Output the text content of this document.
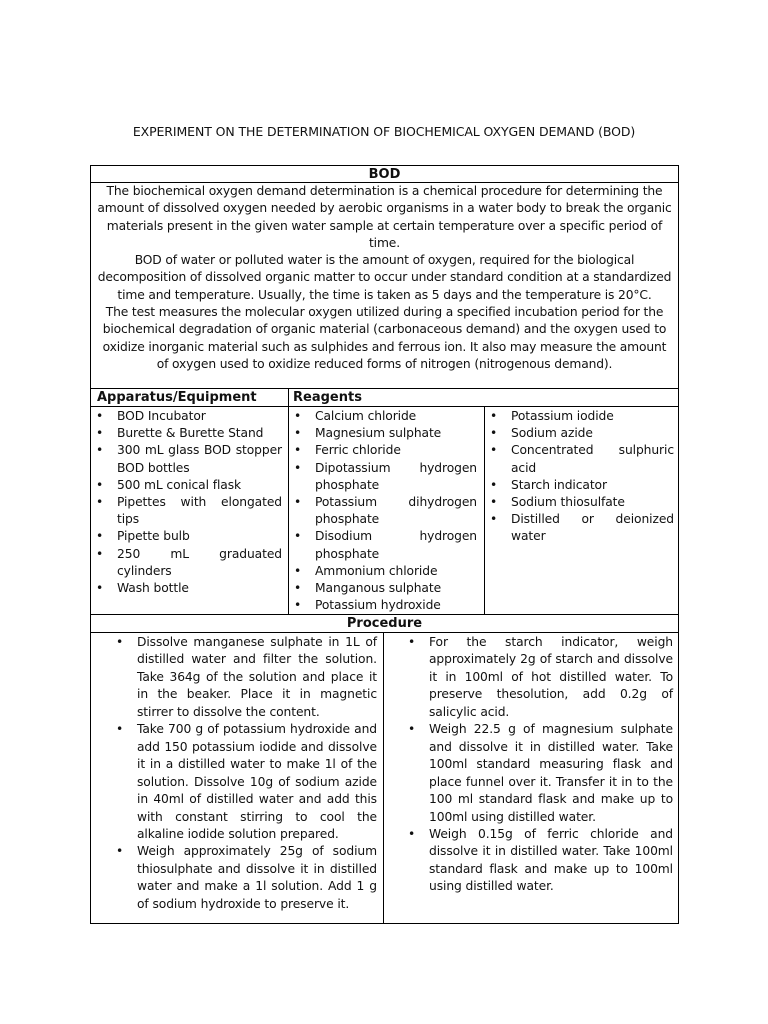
EXPERIMENT ON THE DETERMINATION OF BIOCHEMICAL OXYGEN DEMAND (BOD)
BOD

The biochemical oxygen demand determination is a chemical procedure for determining the amount of dissolved oxygen needed by aerobic organisms in a water body to break the organic materials present in the given water sample at certain temperature over a specific period of time.

BOD of water or polluted water is the amount of oxygen, required for the biological decomposition of dissolved organic matter to occur under standard condition at a standardized time and temperature. Usually, the time is taken as 5 days and the temperature is 20°C.

The test measures the molecular oxygen utilized during a specified incubation period for the biochemical degradation of organic material (carbonaceous demand) and the oxygen used to oxidize inorganic material such as sulphides and ferrous ion. It also may measure the amount of oxygen used to oxidize reduced forms of nitrogen (nitrogenous demand).

Apparatus/Equipment	Reagents
• BOD Incubator
• Burette & Burette Stand
• 300 mL glass BOD stopper BOD bottles
• 500 mL conical flask
• Pipettes with elongated tips
• Pipette bulb
• 250 mL graduated cylinders
• Wash bottle
• Calcium chloride
• Magnesium sulphate
• Ferric chloride
• Dipotassium hydrogen phosphate
• Potassium dihydrogen phosphate
• Disodium hydrogen phosphate
• Ammonium chloride
• Manganous sulphate
• Potassium hydroxide
• Potassium iodide
• Sodium azide
• Concentrated sulphuric acid
• Starch indicator
• Sodium thiosulfate
• Distilled or deionized water
Procedure
• Dissolve manganese sulphate in 1L of distilled water and filter the solution. Take 364g of the solution and place it in the beaker. Place it in magnetic stirrer to dissolve the content.
• Take 700 g of potassium hydroxide and add 150 potassium iodide and dissolve it in a distilled water to make 1l of the solution. Dissolve 10g of sodium azide in 40ml of distilled water and add this with constant stirring to cool the alkaline iodide solution prepared.
• Weigh approximately 25g of sodium thiosulphate and dissolve it in distilled water and make a 1l solution. Add 1 g of sodium hydroxide to preserve it.
• For the starch indicator, weigh approximately 2g of starch and dissolve it in 100ml of hot distilled water. To preserve thesolution, add 0.2g of salicylic acid.
• Weigh 22.5 g of magnesium sulphate and dissolve it in distilled water. Take 100ml standard measuring flask and place funnel over it. Transfer it in to the 100 ml standard flask and make up to 100ml using distilled water.
• Weigh 0.15g of ferric chloride and dissolve it in distilled water. Take 100ml standard flask and make up to 100ml using distilled water.
